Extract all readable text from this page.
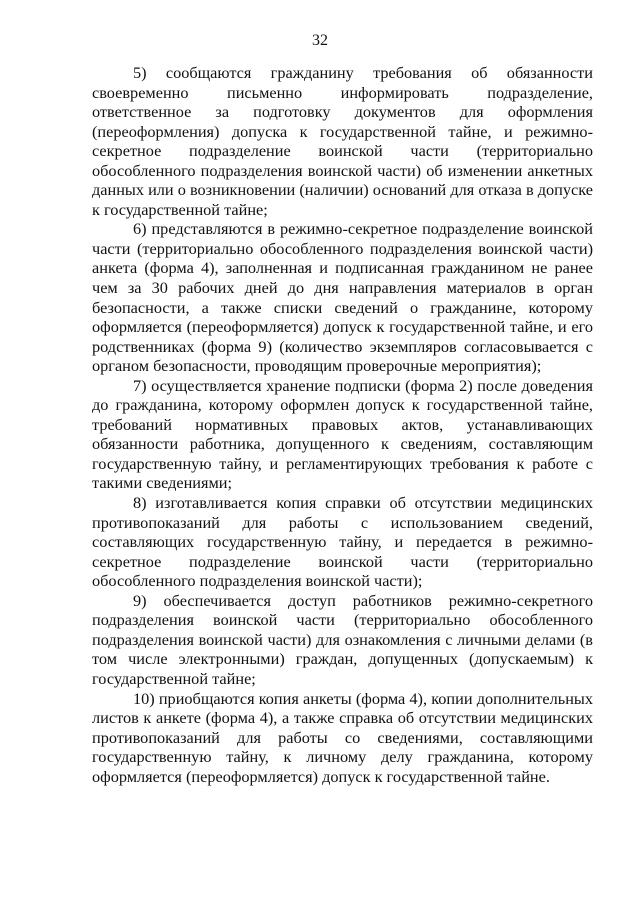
32

5) сообщаются гражданину требования об обязанности своевременно письменно информировать подразделение, ответственное за подготовку документов для оформления (переоформления) допуска к государственной тайне, и режимно-секретное подразделение воинской части (территориально обособленного подразделения воинской части) об изменении анкетных данных или о возникновении (наличии) оснований для отказа в допуске к государственной тайне;

6) представляются в режимно-секретное подразделение воинской части (территориально обособленного подразделения воинской части) анкета (форма 4), заполненная и подписанная гражданином не ранее чем за 30 рабочих дней до дня направления материалов в орган безопасности, а также списки сведений о гражданине, которому оформляется (переоформляется) допуск к государственной тайне, и его родственниках (форма 9) (количество экземпляров согласовывается с органом безопасности, проводящим проверочные мероприятия);

7) осуществляется хранение подписки (форма 2) после доведения до гражданина, которому оформлен допуск к государственной тайне, требований нормативных правовых актов, устанавливающих обязанности работника, допущенного к сведениям, составляющим государственную тайну, и регламентирующих требования к работе с такими сведениями;

8) изготавливается копия справки об отсутствии медицинских противопоказаний для работы с использованием сведений, составляющих государственную тайну, и передается в режимно-секретное подразделение воинской части (территориально обособленного подразделения воинской части);

9) обеспечивается доступ работников режимно-секретного подразделения воинской части (территориально обособленного подразделения воинской части) для ознакомления с личными делами (в том числе электронными) граждан, допущенных (допускаемым) к государственной тайне;

10) приобщаются копия анкеты (форма 4), копии дополнительных листов к анкете (форма 4), а также справка об отсутствии медицинских противопоказаний для работы со сведениями, составляющими государственную тайну, к личному делу гражданина, которому оформляется (переоформляется) допуск к государственной тайне.
